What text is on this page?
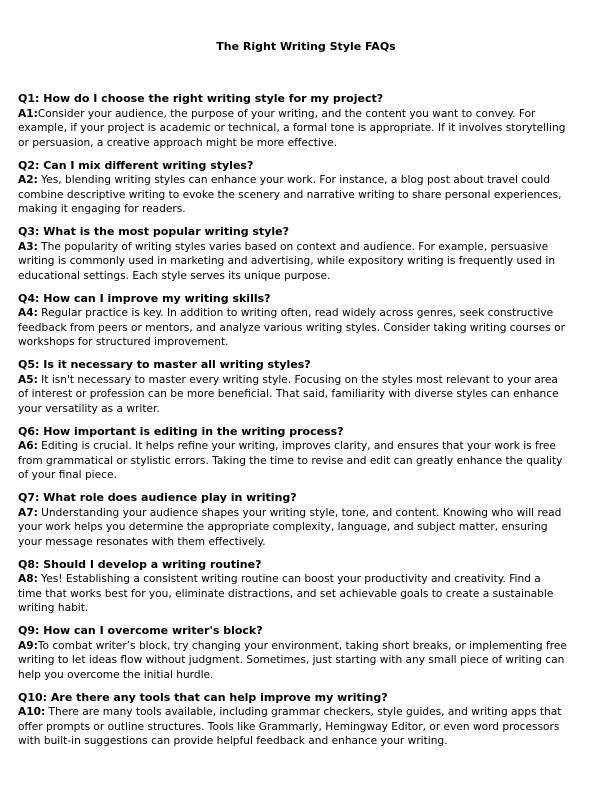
The Right Writing Style FAQs
Q1: How do I choose the right writing style for my project?
A1:Consider your audience, the purpose of your writing, and the content you want to convey. For
example, if your project is academic or technical, a formal tone is appropriate. If it involves storytelling
or persuasion, a creative approach might be more effective.
Q2: Can I mix different writing styles?
A2: Yes, blending writing styles can enhance your work. For instance, a blog post about travel could
combine descriptive writing to evoke the scenery and narrative writing to share personal experiences,
making it engaging for readers.
Q3: What is the most popular writing style?
A3: The popularity of writing styles varies based on context and audience. For example, persuasive
writing is commonly used in marketing and advertising, while expository writing is frequently used in
educational settings. Each style serves its unique purpose.
Q4: How can I improve my writing skills?
A4: Regular practice is key. In addition to writing often, read widely across genres, seek constructive
feedback from peers or mentors, and analyze various writing styles. Consider taking writing courses or
workshops for structured improvement.
Q5: Is it necessary to master all writing styles?
A5: It isn't necessary to master every writing style. Focusing on the styles most relevant to your area
of interest or profession can be more beneficial. That said, familiarity with diverse styles can enhance
your versatility as a writer.
Q6: How important is editing in the writing process?
A6: Editing is crucial. It helps refine your writing, improves clarity, and ensures that your work is free
from grammatical or stylistic errors. Taking the time to revise and edit can greatly enhance the quality
of your final piece.
Q7: What role does audience play in writing?
A7: Understanding your audience shapes your writing style, tone, and content. Knowing who will read
your work helps you determine the appropriate complexity, language, and subject matter, ensuring
your message resonates with them effectively.
Q8: Should I develop a writing routine?
A8: Yes! Establishing a consistent writing routine can boost your productivity and creativity. Find a
time that works best for you, eliminate distractions, and set achievable goals to create a sustainable
writing habit.
Q9: How can I overcome writer's block?
A9:To combat writer’s block, try changing your environment, taking short breaks, or implementing free
writing to let ideas flow without judgment. Sometimes, just starting with any small piece of writing can
help you overcome the initial hurdle.
Q10: Are there any tools that can help improve my writing?
A10: There are many tools available, including grammar checkers, style guides, and writing apps that
offer prompts or outline structures. Tools like Grammarly, Hemingway Editor, or even word processors
with built-in suggestions can provide helpful feedback and enhance your writing.
